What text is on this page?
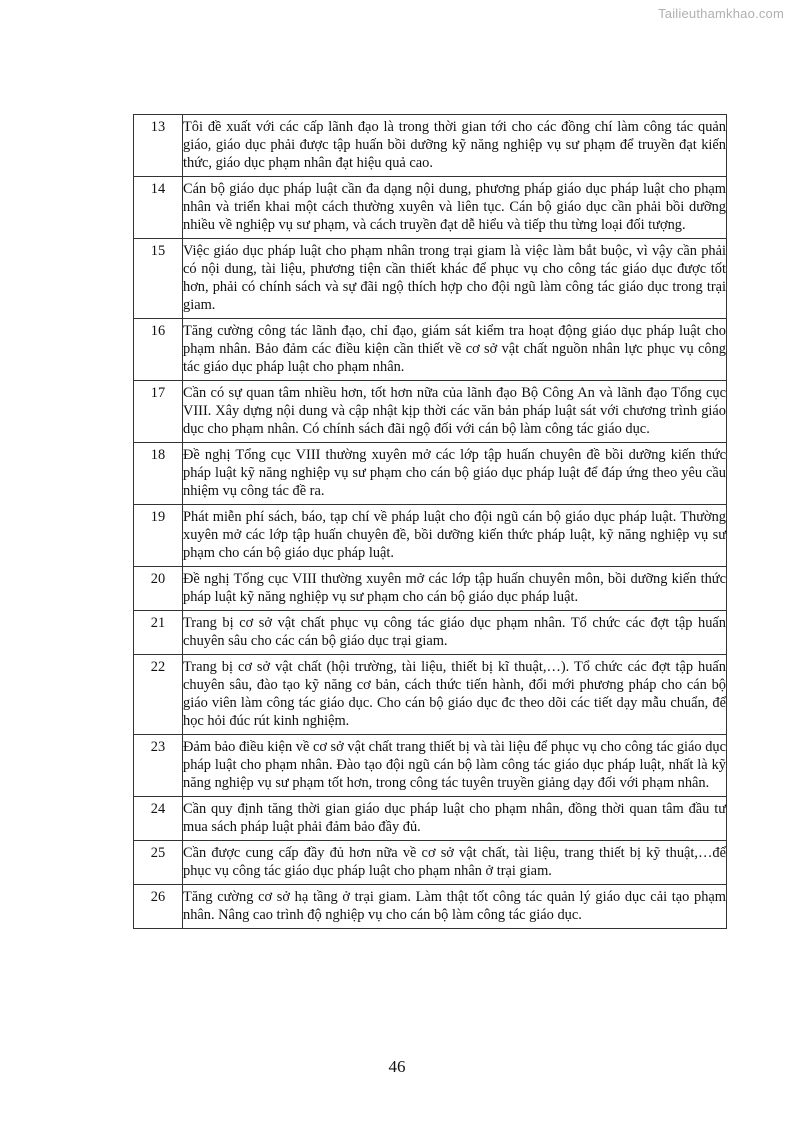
Tailieuthamkhao.com
13	Tôi đề xuất với các cấp lãnh đạo là trong thời gian tới cho các đồng chí làm công tác quản giáo, giáo dục phải được tập huấn bồi dưỡng kỹ năng nghiệp vụ sư phạm để truyền đạt kiến thức, giáo dục phạm nhân đạt hiệu quả cao.
14	Cán bộ giáo dục pháp luật cần đa dạng nội dung, phương pháp giáo dục pháp luật cho phạm nhân và triển khai một cách thường xuyên và liên tục. Cán bộ giáo dục cần phải bồi dưỡng nhiều về nghiệp vụ sư phạm, và cách truyền đạt dễ hiểu và tiếp thu từng loại đối tượng.
15	Việc giáo dục pháp luật cho phạm nhân trong trại giam là việc làm bắt buộc, vì vậy cần phải có nội dung, tài liệu, phương tiện cần thiết khác để phục vụ cho công tác giáo dục được tốt hơn, phải có chính sách và sự đãi ngộ thích hợp cho đội ngũ làm công tác giáo dục trong trại giam.
16	Tăng cường công tác lãnh đạo, chỉ đạo, giám sát kiểm tra hoạt động giáo dục pháp luật cho phạm nhân. Bảo đảm các điều kiện cần thiết về cơ sở vật chất nguồn nhân lực phục vụ công tác giáo dục pháp luật cho phạm nhân.
17	Cần có sự quan tâm nhiều hơn, tốt hơn nữa của lãnh đạo Bộ Công An và lãnh đạo Tổng cục VIII. Xây dựng nội dung và cập nhật kịp thời các văn bản pháp luật sát với chương trình giáo dục cho phạm nhân. Có chính sách đãi ngộ đối với cán bộ làm công tác giáo dục.
18	Đề nghị Tổng cục VIII thường xuyên mở các lớp tập huấn chuyên đề bồi dưỡng kiến thức pháp luật kỹ năng nghiệp vụ sư phạm cho cán bộ giáo dục pháp luật để đáp ứng theo yêu cầu nhiệm vụ công tác đề ra.
19	Phát miễn phí sách, báo, tạp chí về pháp luật cho đội ngũ cán bộ giáo dục pháp luật. Thường xuyên mở các lớp tập huấn chuyên đề, bồi dưỡng kiến thức pháp luật, kỹ năng nghiệp vụ sư phạm cho cán bộ giáo dục pháp luật.
20	Đề nghị Tổng cục VIII thường xuyên mở các lớp tập huấn chuyên môn, bồi dưỡng kiến thức pháp luật kỹ năng nghiệp vụ sư phạm cho cán bộ giáo dục pháp luật.
21	Trang bị cơ sở vật chất phục vụ công tác giáo dục phạm nhân. Tổ chức các đợt tập huấn chuyên sâu cho các cán bộ giáo dục trại giam.
22	Trang bị cơ sở vật chất (hội trường, tài liệu, thiết bị kĩ thuật,…). Tổ chức các đợt tập huấn chuyên sâu, đào tạo kỹ năng cơ bản, cách thức tiến hành, đổi mới phương pháp cho cán bộ giáo viên làm công tác giáo dục. Cho cán bộ giáo dục đc theo dõi các tiết dạy mẫu chuẩn, để học hỏi đúc rút kinh nghiệm.
23	Đảm bảo điều kiện về cơ sở vật chất trang thiết bị và tài liệu để phục vụ cho công tác giáo dục pháp luật cho phạm nhân. Đào tạo đội ngũ cán bộ làm công tác giáo dục pháp luật, nhất là kỹ năng nghiệp vụ sư phạm tốt hơn, trong công tác tuyên truyền giảng dạy đối với phạm nhân.
24	Cần quy định tăng thời gian giáo dục pháp luật cho phạm nhân, đồng thời quan tâm đầu tư mua sách pháp luật phải đảm bảo đầy đủ.
25	Cần được cung cấp đầy đủ hơn nữa về cơ sở vật chất, tài liệu, trang thiết bị kỹ thuật,…để phục vụ công tác giáo dục pháp luật cho phạm nhân ở trại giam.
26	Tăng cường cơ sở hạ tầng ở trại giam. Làm thật tốt công tác quản lý giáo dục cải tạo phạm nhân. Nâng cao trình độ nghiệp vụ cho cán bộ làm công tác giáo dục.
46
